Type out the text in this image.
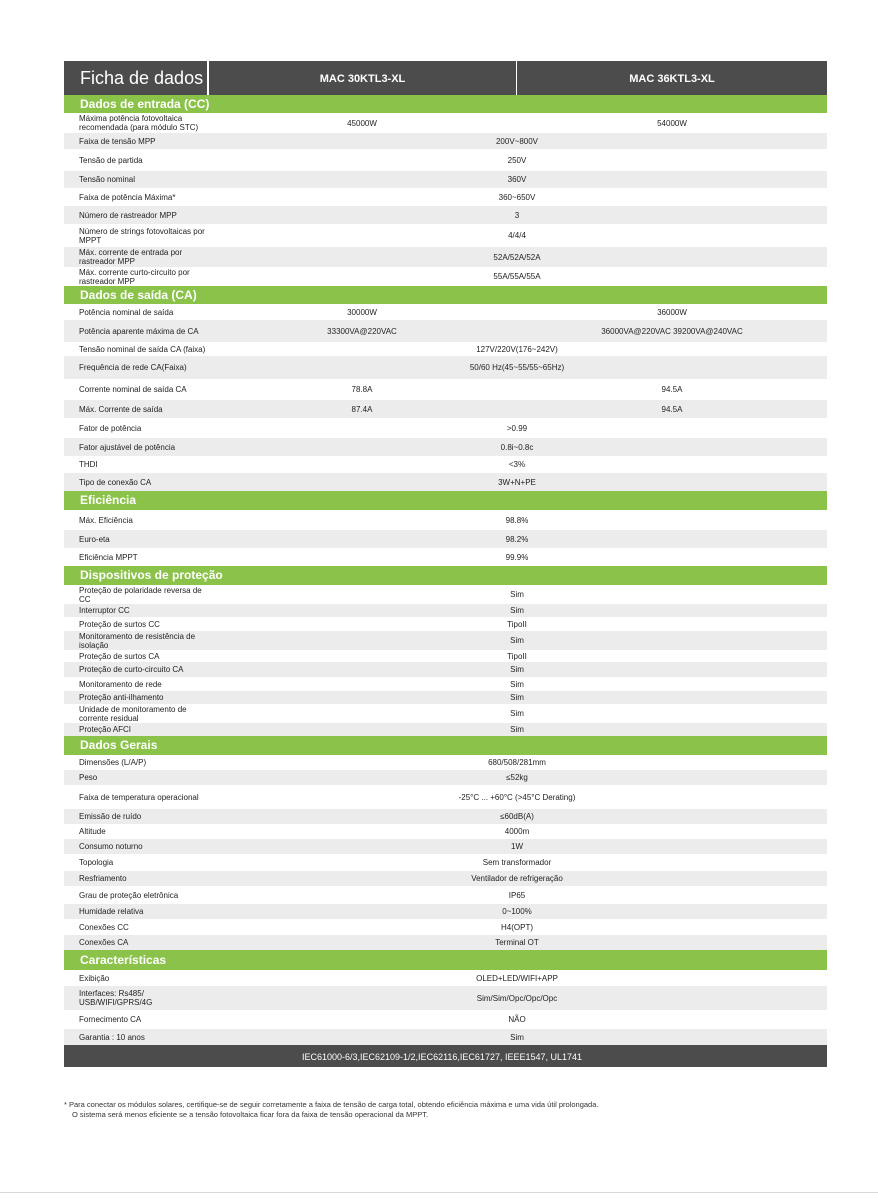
Ficha de dados	MAC 30KTL3-XL	MAC 36KTL3-XL
Dados de entrada (CC)
Máxima potência fotovoltaica recomendada (para módulo STC)	45000W	54000W
Faixa de tensão MPP	200V~800V
Tensão de partida	250V
Tensão nominal	360V
Faixa de potência Máxima*	360~650V
Número de rastreador MPP	3
Número de strings fotovoltaicas por MPPT	4/4/4
Máx. corrente de entrada por rastreador MPP	52A/52A/52A
Máx. corrente curto-circuito por rastreador MPP	55A/55A/55A
Dados de saída (CA)
Potência nominal de saída	30000W	36000W
Potência aparente máxima de CA	33300VA@220VAC	36000VA@220VAC 39200VA@240VAC
Tensão nominal de saída CA (faixa)	127V/220V(176~242V)
Frequência de rede CA(Faixa)	50/60 Hz(45~55/55~65Hz)
Corrente nominal de saída CA	78.8A	94.5A
Máx. Corrente de saída	87.4A	94.5A
Fator de potência	>0.99
Fator ajustável de potência	0.8i~0.8c
THDI	<3%
Tipo de conexão CA	3W+N+PE
Eficiência
Máx. Eficiência	98.8%
Euro-eta	98.2%
Eficiência MPPT	99.9%
Dispositivos de proteção
Proteção de polaridade reversa de CC	Sim
Interruptor CC	Sim
Proteção de surtos CC	TipoII
Monitoramento de resistência de isolação	Sim
Proteção de surtos CA	TipoII
Proteção de curto-circuito CA	Sim
Monitoramento de rede	Sim
Proteção anti-ilhamento	Sim
Unidade de monitoramento de corrente residual	Sim
Proteção AFCI	Sim
Dados Gerais
Dimensões (L/A/P)	680/508/281mm
Peso	≤52kg
Faixa de temperatura operacional	-25°C ... +60°C (>45°C Derating)
Emissão de ruído	≤60dB(A)
Altitude	4000m
Consumo noturno	1W
Topologia	Sem transformador
Resfriamento	Ventilador de refrigeração
Grau de proteção eletrônica	IP65
Humidade relativa	0~100%
Conexões CC	H4(OPT)
Conexões CA	Terminal OT
Características
Exibição	OLED+LED/WIFI+APP
Interfaces: Rs485/ USB/WIFI/GPRS/4G	Sim/Sim/Opc/Opc/Opc
Fornecimento CA	NÃO
Garantia : 10 anos	Sim
IEC61000-6/3,IEC62109-1/2,IEC62116,IEC61727, IEEE1547, UL1741
* Para conectar os módulos solares, certifique-se de seguir corretamente a faixa de tensão de carga total, obtendo eficiência máxima e uma vida útil prolongada.
O sistema será menos eficiente se a tensão fotovoltaica ficar fora da faixa de tensão operacional da MPPT.
